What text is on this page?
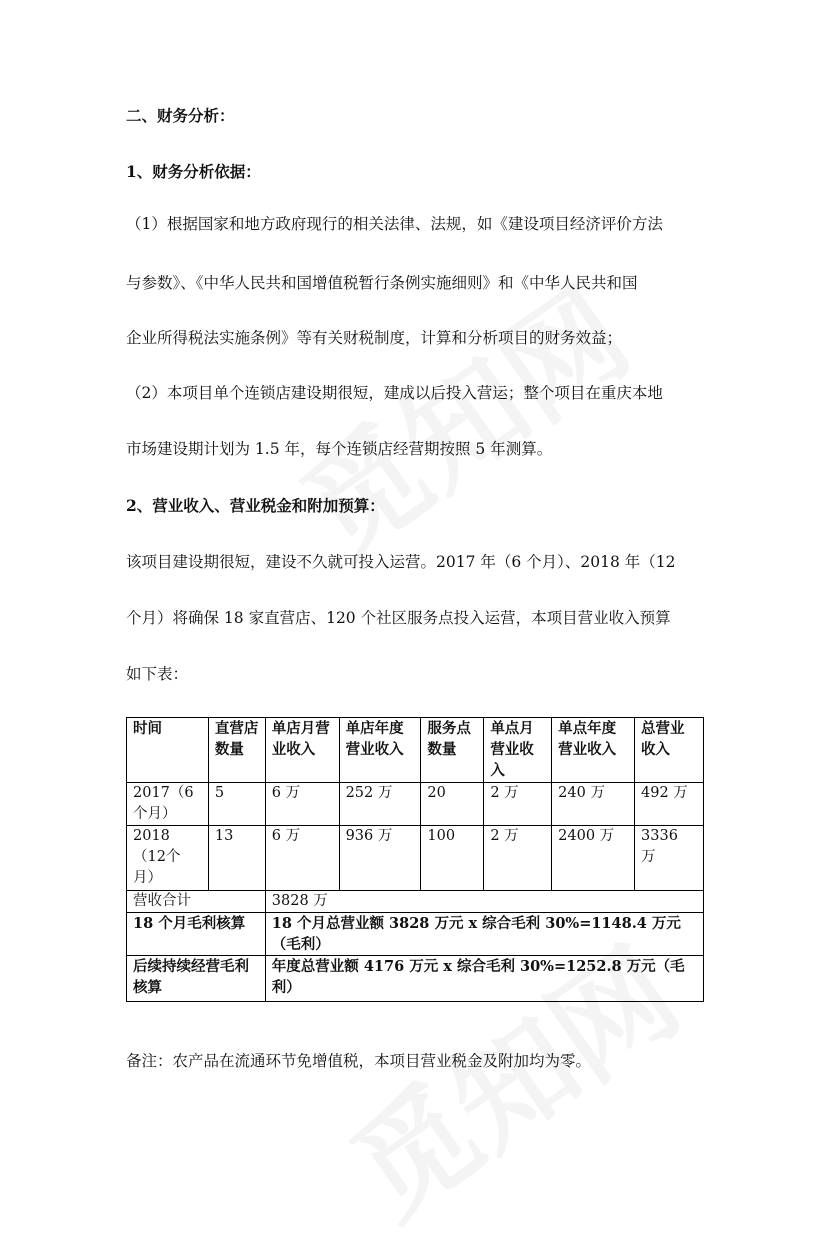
二、财务分析：
1、财务分析依据：
（1）根据国家和地方政府现行的相关法律、法规，如《建设项目经济评价方法
与参数》、《中华人民共和国增值税暂行条例实施细则》和《中华人民共和国
企业所得税法实施条例》等有关财税制度，计算和分析项目的财务效益；
（2）本项目单个连锁店建设期很短，建成以后投入营运；整个项目在重庆本地
市场建设期计划为 1.5 年，每个连锁店经营期按照 5 年测算。
2、营业收入、营业税金和附加预算：
该项目建设期很短，建设不久就可投入运营。2017 年（6 个月）、2018 年（12
个月）将确保 18 家直营店、120 个社区服务点投入运营，本项目营业收入预算
如下表：
时间	直营店数量	单店月营业收入	单店年度营业收入	服务点数量	单点月营业收入	单点年度营业收入	总营业收入
2017（6个月）	5	6 万	252 万	20	2 万	240 万	492 万
2018（12个月）	13	6 万	936 万	100	2 万	2400 万	3336 万
营收合计		3828 万					
18 个月毛利核算		18 个月总营业额 3828 万元 x 综合毛利 30%=1148.4 万元（毛利）					
后续持续经营毛利核算		年度总营业额 4176 万元 x 综合毛利 30%=1252.8 万元（毛利）					
备注：农产品在流通环节免增值税，本项目营业税金及附加均为零。
